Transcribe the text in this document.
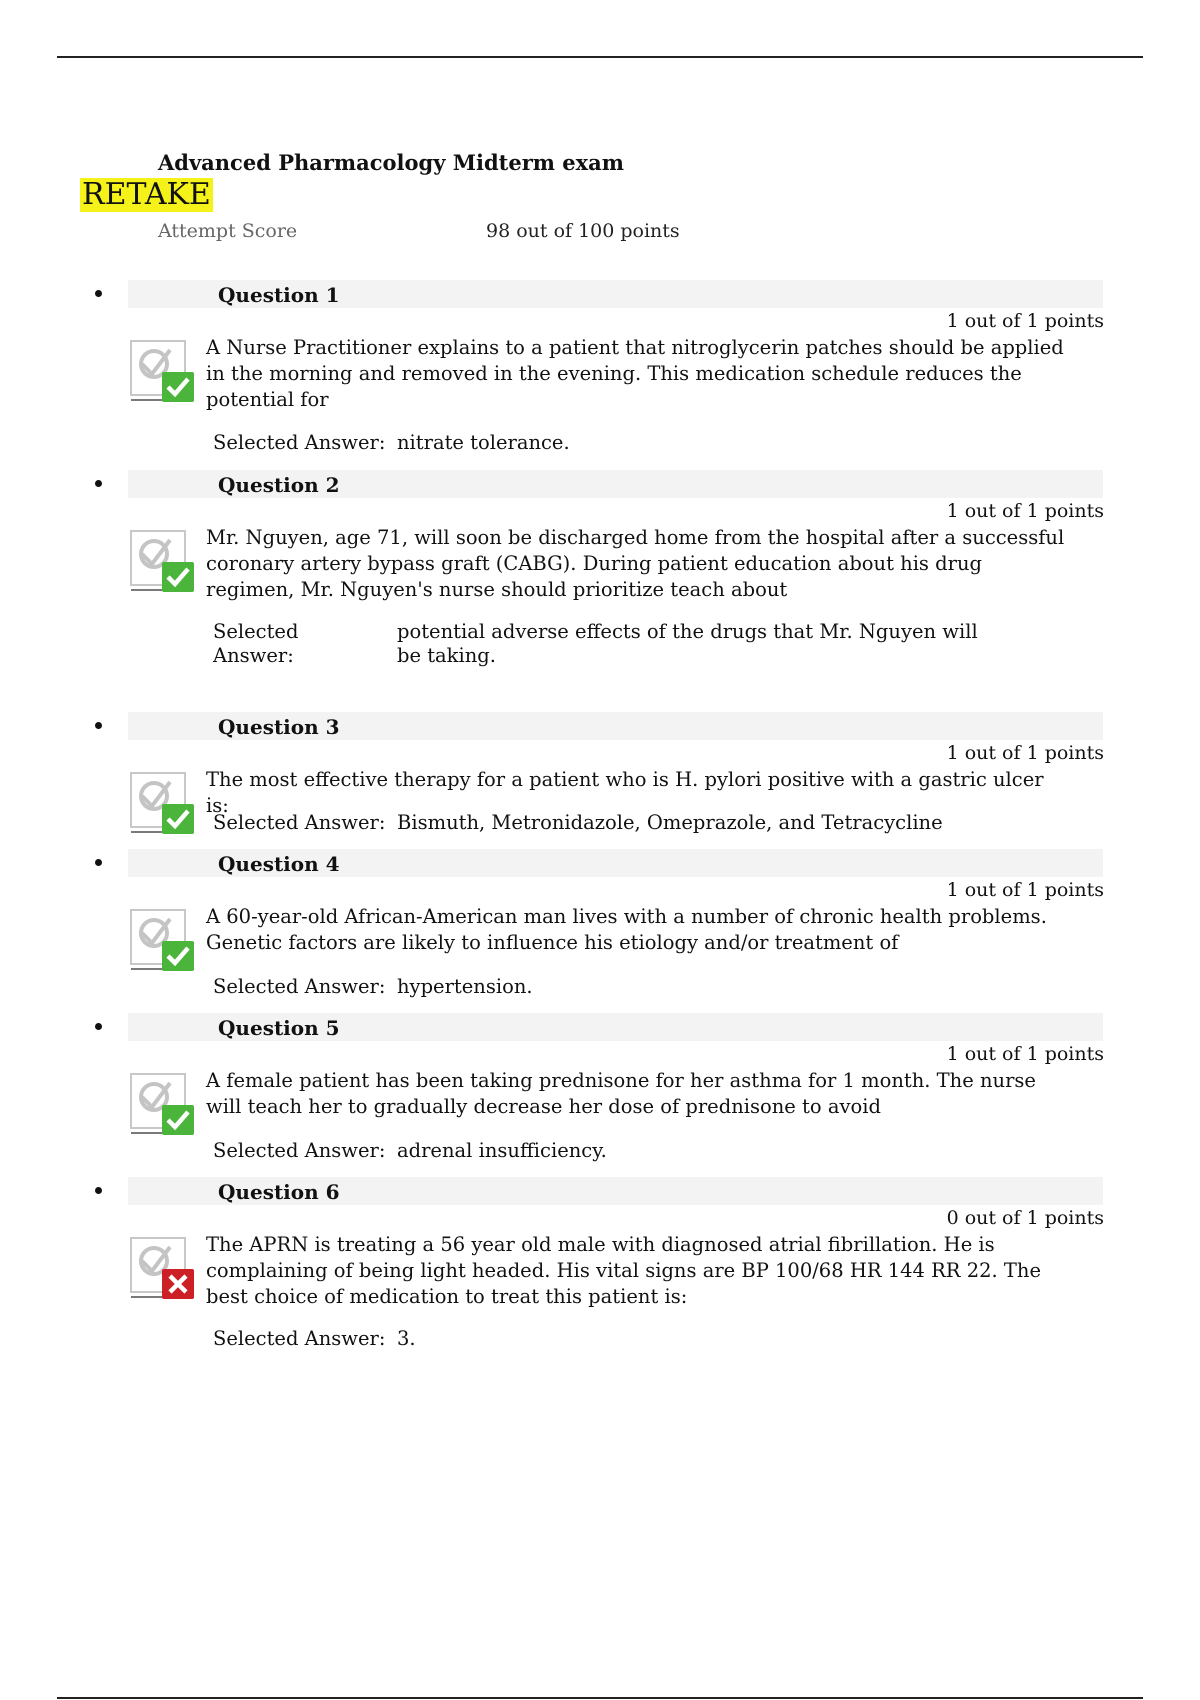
Advanced Pharmacology Midterm exam
RETAKE
Attempt Score	98 out of 100 points
Question 1
1 out of 1 points
A Nurse Practitioner explains to a patient that nitroglycerin patches should be applied in the morning and removed in the evening. This medication schedule reduces the potential for
Selected Answer: nitrate tolerance.
Question 2
1 out of 1 points
Mr. Nguyen, age 71, will soon be discharged home from the hospital after a successful coronary artery bypass graft (CABG). During patient education about his drug regimen, Mr. Nguyen's nurse should prioritize teach about
Selected Answer:
potential adverse effects of the drugs that Mr. Nguyen will be taking.
Question 3
1 out of 1 points
The most effective therapy for a patient who is H. pylori positive with a gastric ulcer is:
Selected Answer: Bismuth, Metronidazole, Omeprazole, and Tetracycline
Question 4
1 out of 1 points
A 60-year-old African-American man lives with a number of chronic health problems. Genetic factors are likely to influence his etiology and/or treatment of
Selected Answer: hypertension.
Question 5
1 out of 1 points
A female patient has been taking prednisone for her asthma for 1 month. The nurse will teach her to gradually decrease her dose of prednisone to avoid
Selected Answer: adrenal insufficiency.
Question 6
0 out of 1 points
The APRN is treating a 56 year old male with diagnosed atrial fibrillation. He is complaining of being light headed. His vital signs are BP 100/68 HR 144 RR 22. The best choice of medication to treat this patient is:
Selected Answer: 3.
